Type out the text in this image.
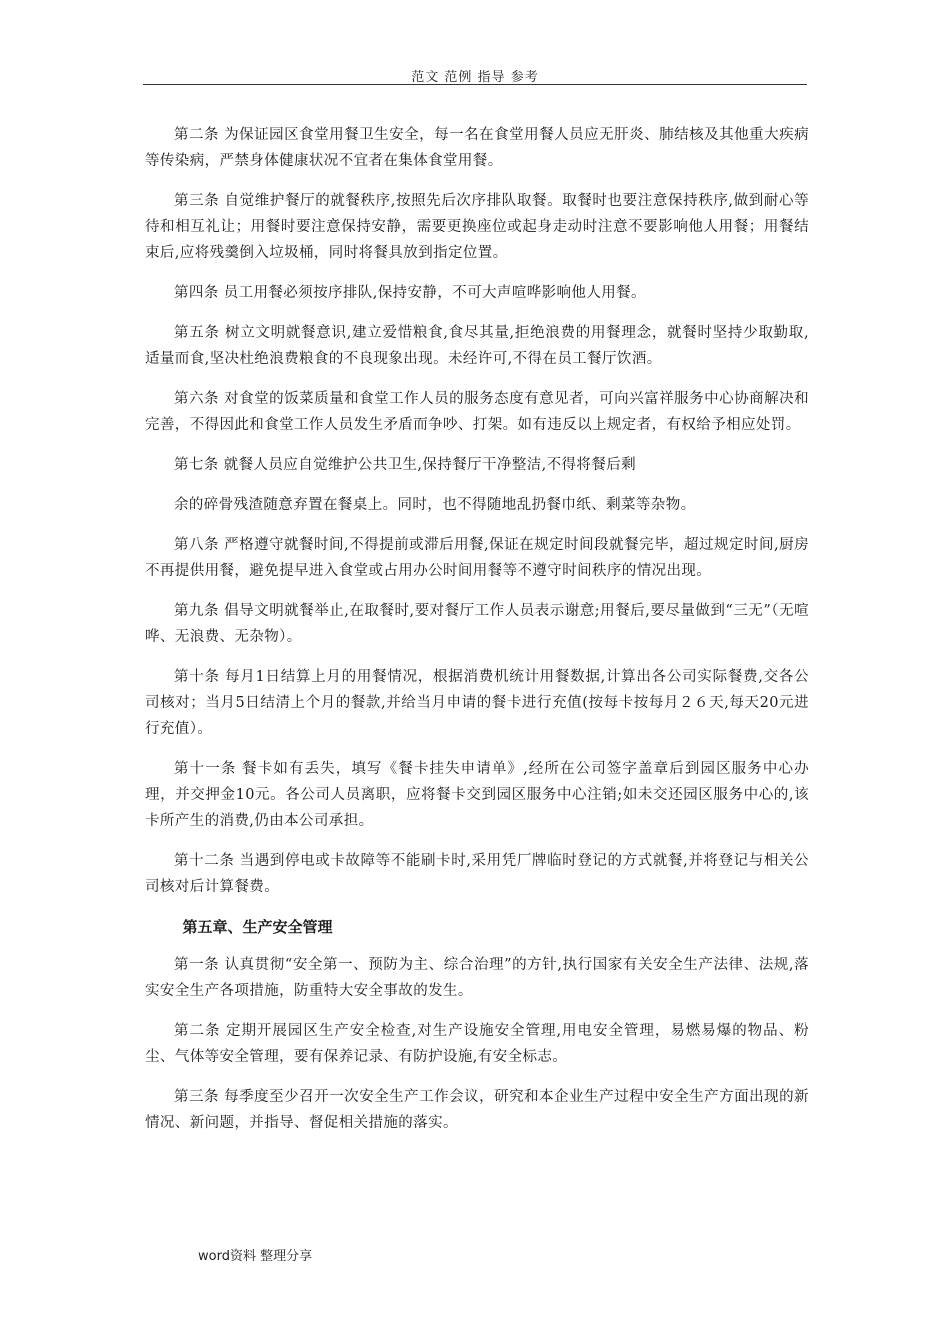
范文 范例 指导 参考

第二条 为保证园区食堂用餐卫生安全，每一名在食堂用餐人员应无肝炎、肺结核及其他重大疾病等传染病，严禁身体健康状况不宜者在集体食堂用餐。

第三条 自觉维护餐厅的就餐秩序,按照先后次序排队取餐。取餐时也要注意保持秩序,做到耐心等待和相互礼让；用餐时要注意保持安静，需要更换座位或起身走动时注意不要影响他人用餐；用餐结束后,应将残羹倒入垃圾桶，同时将餐具放到指定位置。

第四条 员工用餐必须按序排队,保持安静，不可大声喧哗影响他人用餐。

第五条 树立文明就餐意识,建立爱惜粮食,食尽其量,拒绝浪费的用餐理念，就餐时坚持少取勤取,适量而食,坚决杜绝浪费粮食的不良现象出现。未经许可,不得在员工餐厅饮酒。

第六条 对食堂的饭菜质量和食堂工作人员的服务态度有意见者，可向兴富祥服务中心协商解决和完善，不得因此和食堂工作人员发生矛盾而争吵、打架。如有违反以上规定者，有权给予相应处罚。

第七条 就餐人员应自觉维护公共卫生,保持餐厅干净整洁,不得将餐后剩

余的碎骨残渣随意弃置在餐桌上。同时，也不得随地乱扔餐巾纸、剩菜等杂物。

第八条 严格遵守就餐时间,不得提前或滞后用餐,保证在规定时间段就餐完毕，超过规定时间,厨房不再提供用餐，避免提早进入食堂或占用办公时间用餐等不遵守时间秩序的情况出现。

第九条 倡导文明就餐举止,在取餐时,要对餐厅工作人员表示谢意;用餐后,要尽量做到“三无”（无喧哗、无浪费、无杂物）。

第十条 每月1日结算上月的用餐情况，根据消费机统计用餐数据,计算出各公司实际餐费,交各公司核对；当月5日结清上个月的餐款,并给当月申请的餐卡进行充值(按每卡按每月２６天,每天20元进行充值）。

第十一条 餐卡如有丢失，填写《餐卡挂失申请单》,经所在公司签字盖章后到园区服务中心办理，并交押金10元。各公司人员离职，应将餐卡交到园区服务中心注销;如未交还园区服务中心的,该卡所产生的消费,仍由本公司承担。

第十二条 当遇到停电或卡故障等不能刷卡时,采用凭厂牌临时登记的方式就餐,并将登记与相关公司核对后计算餐费。

第五章、生产安全管理

第一条 认真贯彻“安全第一、预防为主、综合治理”的方针,执行国家有关安全生产法律、法规,落实安全生产各项措施，防重特大安全事故的发生。

第二条 定期开展园区生产安全检查,对生产设施安全管理,用电安全管理，易燃易爆的物品、粉尘、气体等安全管理，要有保养记录、有防护设施,有安全标志。

第三条 每季度至少召开一次安全生产工作会议，研究和本企业生产过程中安全生产方面出现的新情况、新问题，并指导、督促相关措施的落实。

word资料 整理分享
